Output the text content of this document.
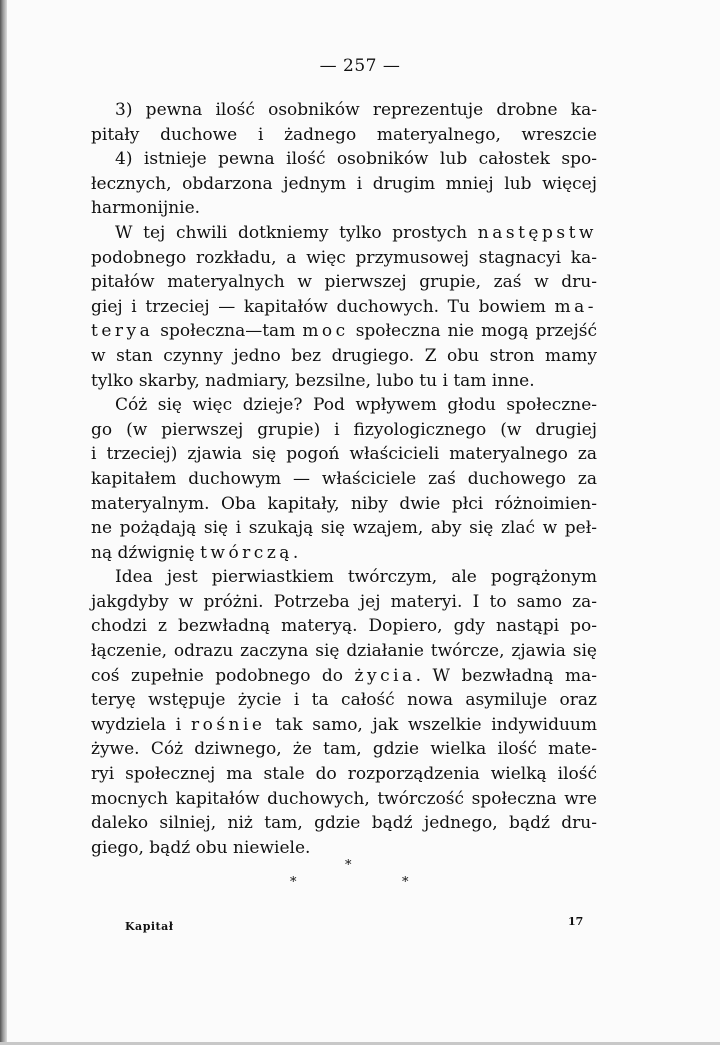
— 257 —
3) pewna ilość osobników reprezentuje drobne ka-
pitały duchowe i żadnego materyalnego, wreszcie
4) istnieje pewna ilość osobników lub całostek spo-
łecznych, obdarzona jednym i drugim mniej lub więcej
harmonijnie.
W tej chwili dotkniemy tylko prostych następstw
podobnego rozkładu, a więc przymusowej stagnacyi ka-
pitałów materyalnych w pierwszej grupie, zaś w dru-
giej i trzeciej — kapitałów duchowych. Tu bowiem ma-
terya społeczna—tam moc społeczna nie mogą przejść
w stan czynny jedno bez drugiego. Z obu stron mamy
tylko skarby, nadmiary, bezsilne, lubo tu i tam inne.
Cóż się więc dzieje? Pod wpływem głodu społeczne-
go (w pierwszej grupie) i fizyologicznego (w drugiej
i trzeciej) zjawia się pogoń właścicieli materyalnego za
kapitałem duchowym — właściciele zaś duchowego za
materyalnym. Oba kapitały, niby dwie płci różnoimien-
ne pożądają się i szukają się wzajem, aby się zlać w peł-
ną dźwignię twórczą.
Idea jest pierwiastkiem twórczym, ale pogrążonym
jakgdyby w próżni. Potrzeba jej materyi. I to samo za-
chodzi z bezwładną materyą. Dopiero, gdy nastąpi po-
łączenie, odrazu zaczyna się działanie twórcze, zjawia się
coś zupełnie podobnego do życia. W bezwładną ma-
teryę wstępuje życie i ta całość nowa asymiluje oraz
wydziela i rośnie tak samo, jak wszelkie indywiduum
żywe. Cóż dziwnego, że tam, gdzie wielka ilość mate-
ryi społecznej ma stale do rozporządzenia wielką ilość
mocnych kapitałów duchowych, twórczość społeczna wre
daleko silniej, niż tam, gdzie bądź jednego, bądź dru-
giego, bądź obu niewiele.
*
*	*
Kapitał	17
